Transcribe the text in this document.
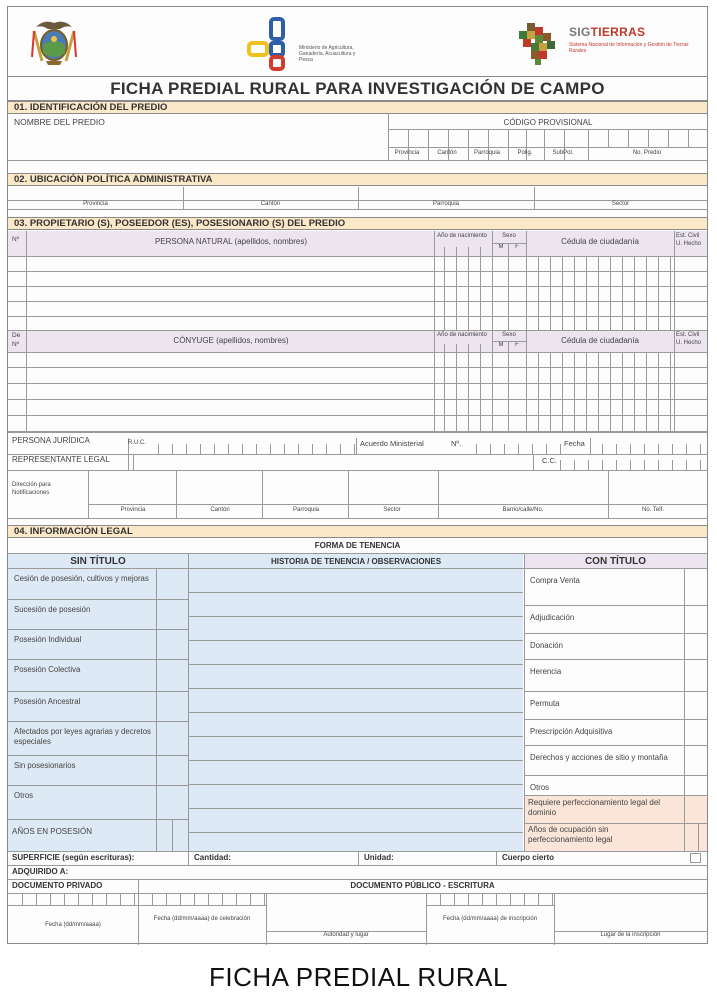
Ministerio de Agricultura, Ganadería, Acuacultura y Pesca
SIGTIERRAS
Sistema Nacional de Información y Gestión de Tierras Rurales
FICHA PREDIAL RURAL PARA INVESTIGACIÓN DE CAMPO
01. IDENTIFICACIÓN DEL PREDIO
NOMBRE DEL PREDIO	CÓDIGO PROVISIONAL
Provincia	Cantón	Parroquia	Polig.	SubPol.	No. Predio
02. UBICACIÓN POLÍTICA ADMINISTRATIVA
Provincia	Cantón	Parroquia	Sector
03. PROPIETARIO (S), POSEEDOR (ES), POSESIONARIO (S) DEL PREDIO
Nº	PERSONA NATURAL (apellidos, nombres)
Año de nacimiento	Sexo
M	F
Cédula de ciudadanía
Est. Civil
U. Hecho
De
Nº	CÓNYUGE (apellidos, nombres)
Año de nacimiento	Sexo
M	F	Cédula de ciudadanía
Est. Civil
U. Hecho
PERSONA JURÍDICA	R.U.C.	Acuerdo Ministerial	Nº.	Fecha
REPRESENTANTE LEGAL	C.C.
Dirección para Notificaciones
Provincia	Cantón	Parroquia	Sector	Barrio/calle/No.	No. Telf.
04. INFORMACIÓN LEGAL
FORMA DE TENENCIA
SIN TÍTULO	HISTORIA DE TENENCIA / OBSERVACIONES	CON TÍTULO
Cesión de posesión, cultivos y mejoras
Sucesión de posesión
Posesión Individual
Posesión Colectiva
Posesión Ancestral
Afectados por leyes agrarias y decretos especiales
Sin posesionarios
Otros
Compra Venta
Adjudicación
Donación
Herencia
Permuta
Prescripción Adquisitiva
Derechos y acciones de sitio y montaña
Otros
AÑOS EN POSESIÓN
Requiere perfeccionamiento legal del dominio
Años de ocupación sin perfeccionamiento legal
SUPERFICIE (según escrituras):	Cantidad:	Unidad:	Cuerpo cierto
ADQUIRIDO A:
DOCUMENTO PRIVADO	DOCUMENTO PÚBLICO - ESCRITURA
Fecha (dd/mm/aaaa)
Fecha (dd/mm/aaaa) de celebración
Autoridad y lugar
Fecha (dd/mm/aaaa) de inscripción
Lugar de la inscripción
FICHA PREDIAL RURAL
